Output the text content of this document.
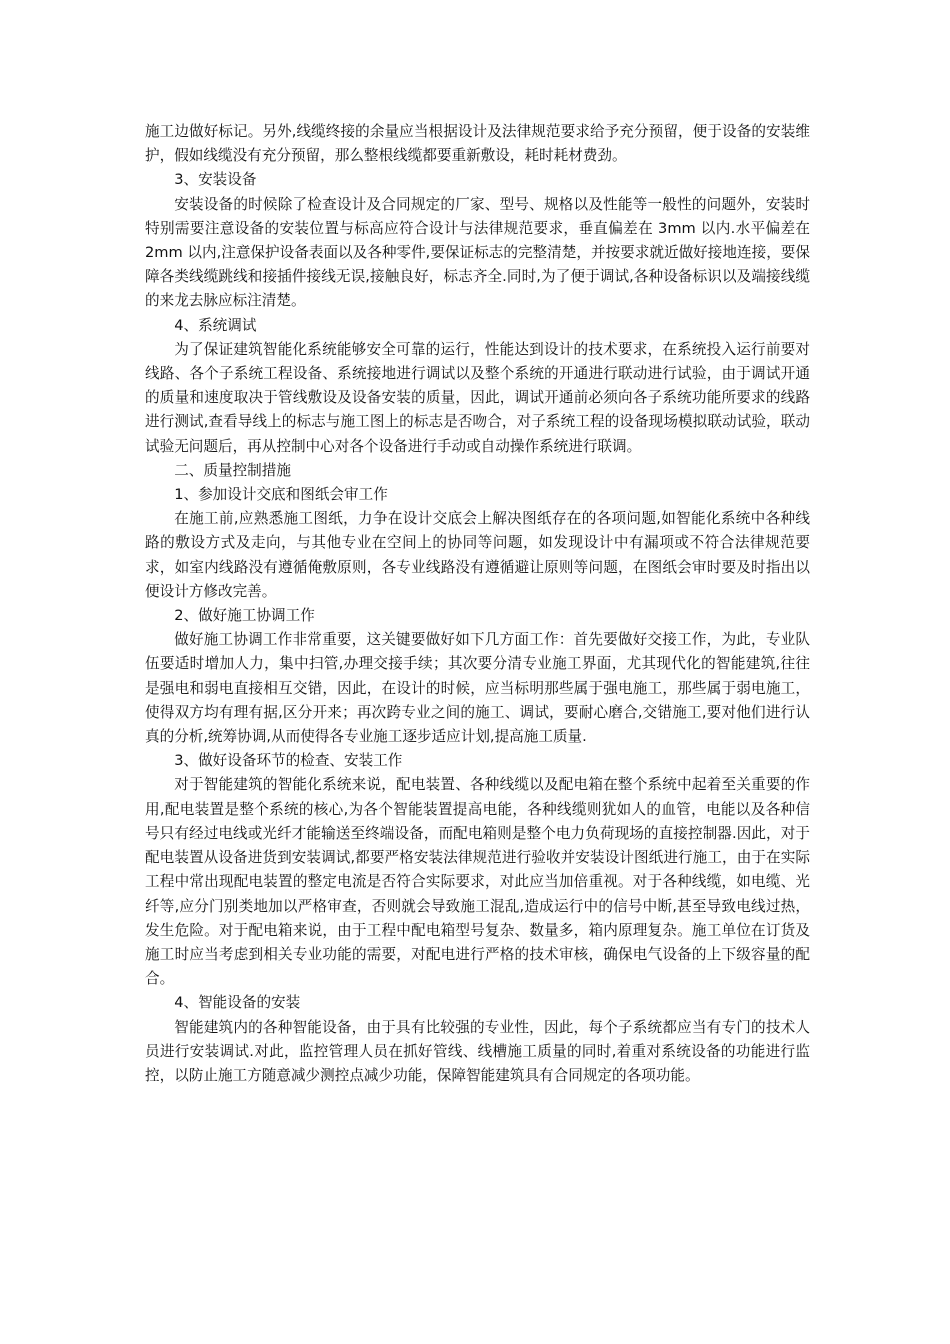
施工边做好标记。另外,线缆终接的余量应当根据设计及法律规范要求给予充分预留，便于设备的安装维护，假如线缆没有充分预留，那么整根线缆都要重新敷设，耗时耗材费劲。

3、安装设备

安装设备的时候除了检查设计及合同规定的厂家、型号、规格以及性能等一般性的问题外，安装时特别需要注意设备的安装位置与标高应符合设计与法律规范要求，垂直偏差在 3mm 以内.水平偏差在 2mm 以内,注意保护设备表面以及各种零件,要保证标志的完整清楚，并按要求就近做好接地连接，要保障各类线缆跳线和接插件接线无误,接触良好，标志齐全.同时,为了便于调试,各种设备标识以及端接线缆的来龙去脉应标注清楚。

4、系统调试

为了保证建筑智能化系统能够安全可靠的运行，性能达到设计的技术要求，在系统投入运行前要对线路、各个子系统工程设备、系统接地进行调试以及整个系统的开通进行联动进行试验，由于调试开通的质量和速度取决于管线敷设及设备安装的质量，因此，调试开通前必须向各子系统功能所要求的线路进行测试,查看导线上的标志与施工图上的标志是否吻合，对子系统工程的设备现场模拟联动试验，联动试验无问题后，再从控制中心对各个设备进行手动或自动操作系统进行联调。

二、质量控制措施

1、参加设计交底和图纸会审工作

在施工前,应熟悉施工图纸，力争在设计交底会上解决图纸存在的各项问题,如智能化系统中各种线路的敷设方式及走向，与其他专业在空间上的协同等问题，如发现设计中有漏项或不符合法律规范要求，如室内线路没有遵循俺敷原则，各专业线路没有遵循避让原则等问题，在图纸会审时要及时指出以便设计方修改完善。

2、做好施工协调工作

做好施工协调工作非常重要，这关键要做好如下几方面工作：首先要做好交接工作，为此，专业队伍要适时增加人力，集中扫管,办理交接手续；其次要分清专业施工界面，尤其现代化的智能建筑,往往是强电和弱电直接相互交错，因此，在设计的时候，应当标明那些属于强电施工，那些属于弱电施工，使得双方均有理有据,区分开来；再次跨专业之间的施工、调试，要耐心磨合,交错施工,要对他们进行认真的分析,统筹协调,从而使得各专业施工逐步适应计划,提高施工质量.

3、做好设备环节的检查、安装工作

对于智能建筑的智能化系统来说，配电装置、各种线缆以及配电箱在整个系统中起着至关重要的作用,配电装置是整个系统的核心,为各个智能装置提高电能，各种线缆则犹如人的血管，电能以及各种信号只有经过电线或光纤才能输送至终端设备，而配电箱则是整个电力负荷现场的直接控制器.因此，对于配电装置从设备进货到安装调试,都要严格安装法律规范进行验收并安装设计图纸进行施工，由于在实际工程中常出现配电装置的整定电流是否符合实际要求，对此应当加倍重视。对于各种线缆，如电缆、光纤等,应分门别类地加以严格审查，否则就会导致施工混乱,造成运行中的信号中断,甚至导致电线过热，发生危险。对于配电箱来说，由于工程中配电箱型号复杂、数量多，箱内原理复杂。施工单位在订货及施工时应当考虑到相关专业功能的需要，对配电进行严格的技术审核，确保电气设备的上下级容量的配合。

4、智能设备的安装

智能建筑内的各种智能设备，由于具有比较强的专业性，因此，每个子系统都应当有专门的技术人员进行安装调试.对此，监控管理人员在抓好管线、线槽施工质量的同时,着重对系统设备的功能进行监控，以防止施工方随意减少测控点减少功能，保障智能建筑具有合同规定的各项功能。
